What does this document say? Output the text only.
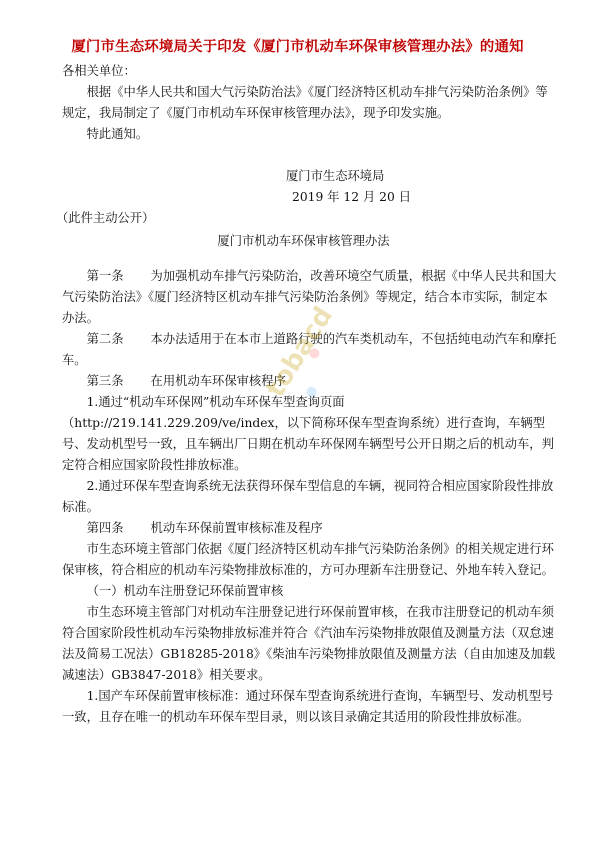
厦门市生态环境局关于印发《厦门市机动车环保审核管理办法》的通知

各相关单位：

根据《中华人民共和国大气污染防治法》《厦门经济特区机动车排气污染防治条例》等规定，我局制定了《厦门市机动车环保审核管理办法》，现予印发实施。

特此通知。

厦门市生态环境局

2019 年 12 月 20 日

（此件主动公开）

厦门市机动车环保审核管理办法

第一条 为加强机动车排气污染防治，改善环境空气质量，根据《中华人民共和国大气污染防治法》《厦门经济特区机动车排气污染防治条例》等规定，结合本市实际，制定本办法。

第二条 本办法适用于在本市上道路行驶的汽车类机动车，不包括纯电动汽车和摩托车。

第三条 在用机动车环保审核程序

1.通过“机动车环保网”机动车环保车型查询页面（http://219.141.229.209/ve/index，以下简称环保车型查询系统）进行查询，车辆型号、发动机型号一致，且车辆出厂日期在机动车环保网车辆型号公开日期之后的机动车，判定符合相应国家阶段性排放标准。

2.通过环保车型查询系统无法获得环保车型信息的车辆，视同符合相应国家阶段性排放标准。

第四条 机动车环保前置审核标准及程序

市生态环境主管部门依据《厦门经济特区机动车排气污染防治条例》的相关规定进行环保审核，符合相应的机动车污染物排放标准的，方可办理新车注册登记、外地车转入登记。

（一）机动车注册登记环保前置审核

市生态环境主管部门对机动车注册登记进行环保前置审核，在我市注册登记的机动车须符合国家阶段性机动车污染物排放标准并符合《汽油车污染物排放限值及测量方法（双怠速法及简易工况法）GB18285-2018》《柴油车污染物排放限值及测量方法（自由加速及加载减速法）GB3847-2018》相关要求。

1.国产车环保前置审核标准：通过环保车型查询系统进行查询，车辆型号、发动机型号一致，且存在唯一的机动车环保车型目录，则以该目录确定其适用的阶段性排放标准。

tobacd
